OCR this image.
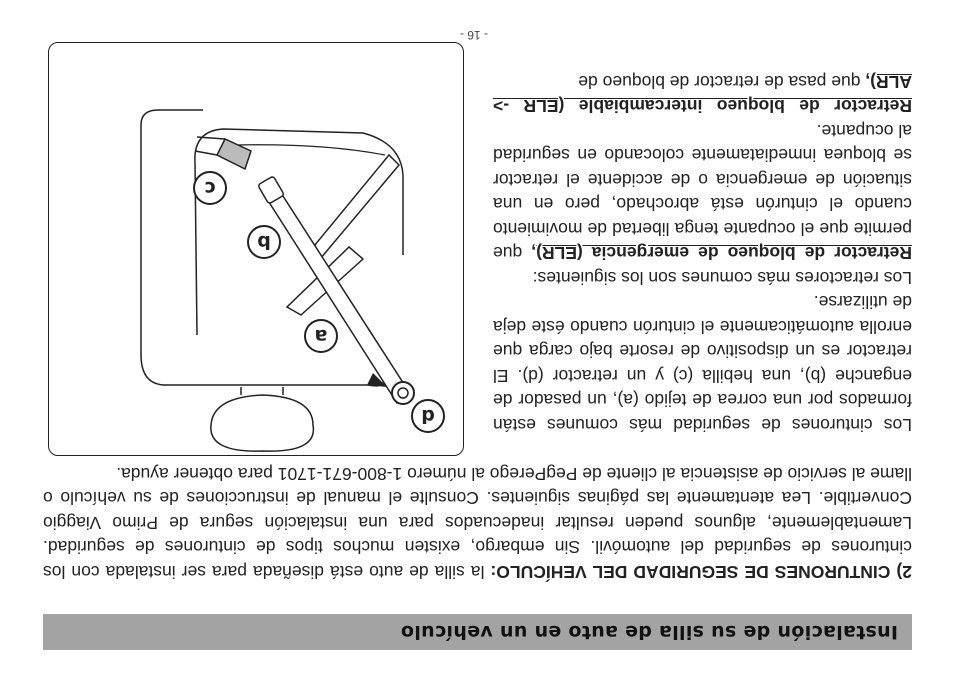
Instalación de su silla de auto en un vehículo

2) CINTURONES DE SEGURIDAD DEL VEHÍCULO: la silla de auto está diseñada para ser instalada con los cinturones de seguridad del automóvil. Sin embargo, existen muchos tipos de cinturones de seguridad. Lamentablemente, algunos pueden resultar inadecuados para una instalación segura de Primo Viaggio Convertible. Lea atentamente las páginas siguientes. Consulte el manual de instrucciones de su vehículo o llame al servicio de asistencia al cliente de PegPerego al número 1-800-671-1701 para obtener ayuda.

Los cinturones de seguridad más comunes están formados por una correa de tejido (a), un pasador de enganche (b), una hebilla (c) y un retractor (d). El retractor es un dispositivo de resorte bajo carga que enrolla automáticamente el cinturón cuando éste deja de utilizarse.

Los retractores más comunes son los siguientes:

Retractor de bloqueo de emergencia (ELR), que permite que el ocupante tenga libertad de movimiento cuando el cinturón está abrochado, pero en una situación de emergencia o de accidente el retractor se bloquea inmediatamente colocando en seguridad al ocupante.

Retractor de bloqueo intercambiable (ELR -> ALR), que pasa de retractor de bloqueo de

d
a
b
c
- 16 -
